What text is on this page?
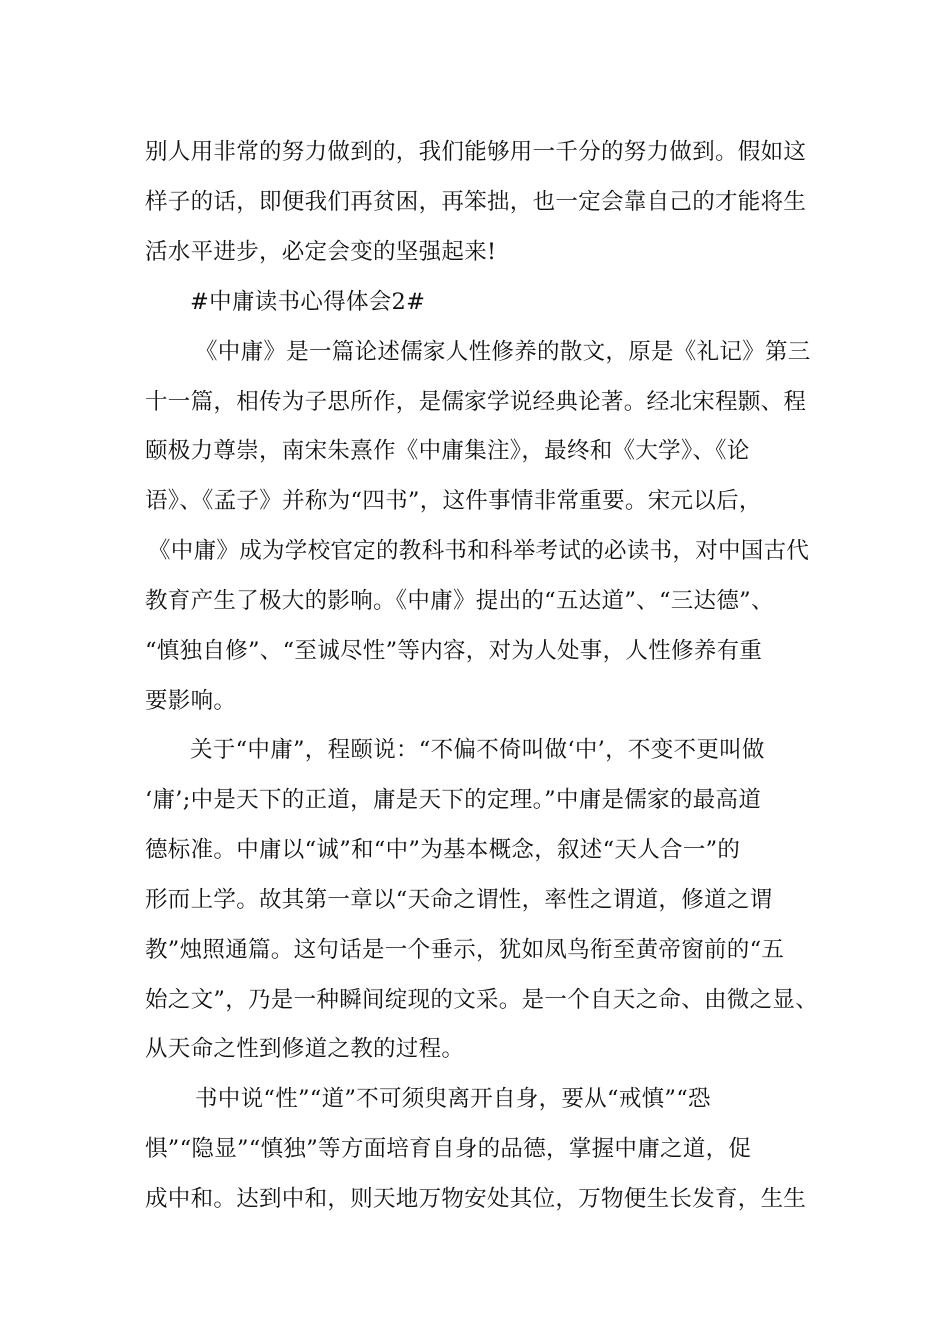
别人用非常的努力做到的，我们能够用一千分的努力做到。假如这
样子的话，即便我们再贫困，再笨拙，也一定会靠自己的才能将生
活水平进步，必定会变的坚强起来!
#中庸读书心得体会2#
《中庸》是一篇论述儒家人性修养的散文，原是《礼记》第三
十一篇，相传为子思所作，是儒家学说经典论著。经北宋程颢、程
颐极力尊崇，南宋朱熹作《中庸集注》，最终和《大学》、《论
语》、《孟子》并称为“四书”，这件事情非常重要。宋元以后，
《中庸》成为学校官定的教科书和科举考试的必读书，对中国古代
教育产生了极大的影响。《中庸》提出的“五达道”、“三达德”、
“慎独自修”、“至诚尽性”等内容，对为人处事，人性修养有重
要影响。
关于“中庸”，程颐说：“不偏不倚叫做‘中’，不变不更叫做
‘庸’;中是天下的正道，庸是天下的定理。”中庸是儒家的最高道
德标准。中庸以“诚”和“中”为基本概念，叙述“天人合一”的
形而上学。故其第一章以“天命之谓性，率性之谓道，修道之谓
教”烛照通篇。这句话是一个垂示，犹如凤鸟衔至黄帝窗前的“五
始之文”，乃是一种瞬间绽现的文采。是一个自天之命、由微之显、
从天命之性到修道之教的过程。
书中说“性”“道”不可须臾离开自身，要从“戒慎”“恐
惧”“隐显”“慎独”等方面培育自身的品德，掌握中庸之道，促
成中和。达到中和，则天地万物安处其位，万物便生长发育，生生
